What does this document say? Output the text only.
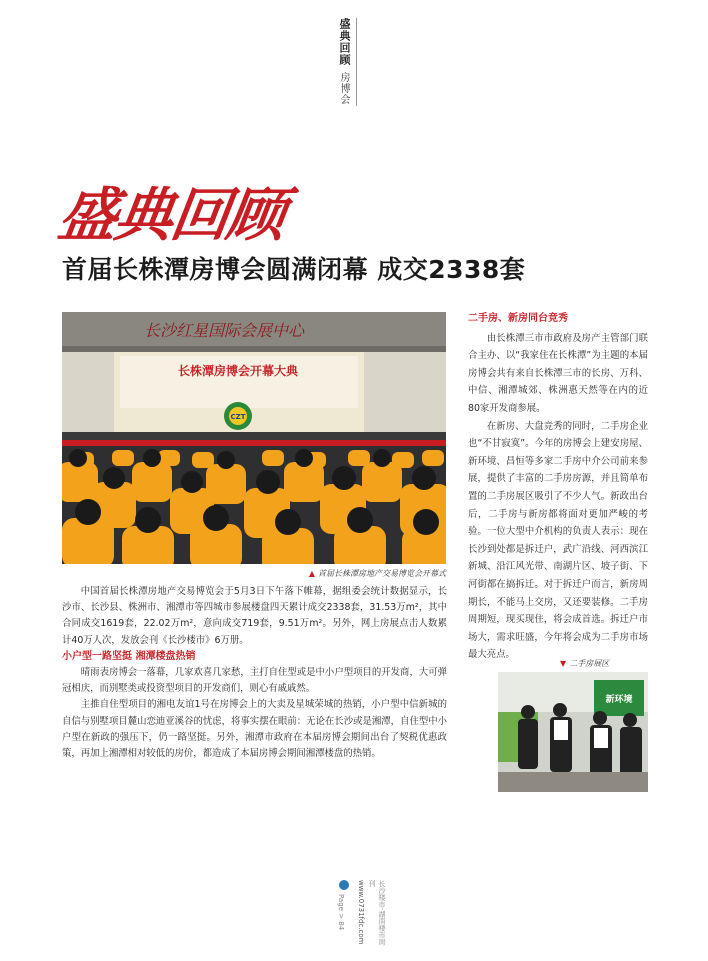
盛典回顾
房博会
盛典回顾
首届长株潭房博会圆满闭幕 成交2338套
长沙红星国际会展中心
长株潭房博会开幕大典
CZT
▲ 首届长株潭房地产交易博览会开幕式

中国首届长株潭房地产交易博览会于5月3日下午落下帷幕，据组委会统计数据显示，长沙市、长沙县、株洲市、湘潭市等四城市参展楼盘四天累计成交2338套，31.53万m²，其中合同成交1619套，22.02万m²，意向成交719套，9.51万m²。另外，网上房展点击人数累计40万人次，发放会刊《长沙楼市》6万册。

小户型一路坚挺 湘潭楼盘热销

晴雨表房博会一落幕，几家欢喜几家愁，主打自住型或是中小户型项目的开发商，大可弹冠相庆，而别墅类或投资型项目的开发商们，则心有戚戚然。

主推自住型项目的湘电友谊1号在房博会上的大卖及星城荣城的热销，小户型中信新城的自信与别墅项目麓山恋迪亚溪谷的忧虑，将事实摆在眼前：无论在长沙或是湘潭，自住型中小户型在新政的强压下，仍一路坚挺。另外，湘潭市政府在本届房博会期间出台了契税优惠政策，再加上湘潭相对较低的房价，都造成了本届房博会期间湘潭楼盘的热销。

二手房、新房同台竞秀

由长株潭三市市政府及房产主管部门联合主办、以“我家住在长株潭”为主题的本届房博会共有来自长株潭三市的长房、万科、中信、湘潭城郊、株洲惠天然等在内的近80家开发商参展。

在新房、大盘竞秀的同时，二手房企业也“不甘寂寞”。今年的房博会上建安房屋、新环境、昌恒等多家二手房中介公司前来参展，提供了丰富的二手房房源，并且简单布置的二手房展区吸引了不少人气。新政出台后，二手房与新房都将面对更加严峻的考验。一位大型中介机构的负责人表示：现在长沙到处都是拆迁户，武广沿线、河西滨江新城、沿江风光带、南湖片区、坡子街、下河街都在搞拆迁。对于拆迁户而言，新房周期长，不能马上交房，又还要装修。二手房周期短，现买现住，将会成首选。拆迁户市场大，需求旺盛，今年将会成为二手房市场最大亮点。

▼ 二手房展区
新环境
Page > 84 www.0731fdc.com	长沙楼市·湖南楼市周刊
